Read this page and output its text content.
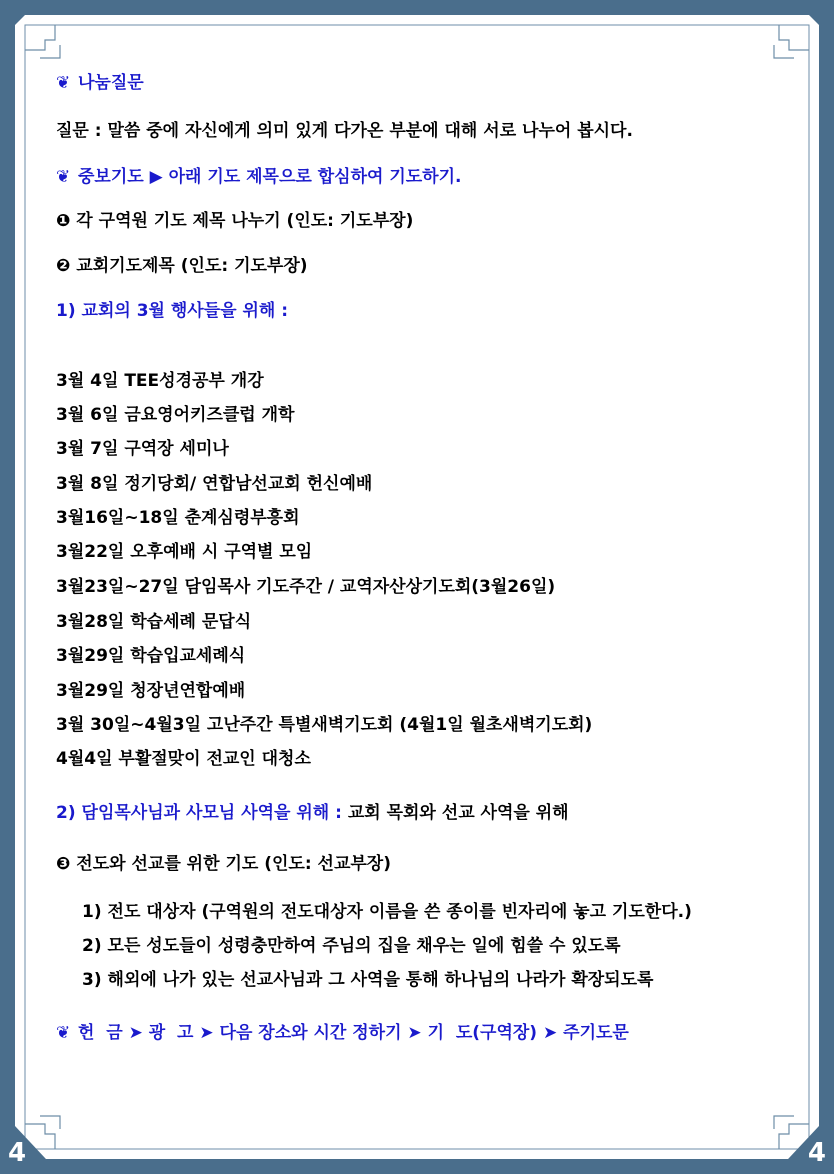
❦ 나눔질문
질문 : 말씀 중에 자신에게 의미 있게 다가온 부분에 대해 서로 나누어 봅시다.
❦ 중보기도 ▶ 아래 기도 제목으로 합심하여 기도하기.
❶ 각 구역원 기도 제목 나누기 (인도: 기도부장)
❷ 교회기도제목 (인도: 기도부장)
1) 교회의 3월 행사들을 위해 :
3월 4일 TEE성경공부 개강
3월 6일 금요영어키즈클럽 개학
3월 7일 구역장 세미나
3월 8일 정기당회/ 연합남선교회 헌신예배
3월16일~18일 춘계심령부흥회
3월22일 오후예배 시 구역별 모임
3월23일~27일 담임목사 기도주간 / 교역자산상기도회(3월26일)
3월28일 학습세례 문답식
3월29일 학습입교세례식
3월29일 청장년연합예배
3월 30일~4월3일 고난주간 특별새벽기도회 (4월1일 월초새벽기도회)
4월4일 부활절맞이 전교인 대청소
2) 담임목사님과 사모님 사역을 위해 : 교회 목회와 선교 사역을 위해
❸ 전도와 선교를 위한 기도 (인도: 선교부장)
1) 전도 대상자 (구역원의 전도대상자 이름을 쓴 종이를 빈자리에 놓고 기도한다.)
2) 모든 성도들이 성령충만하여 주님의 집을 채우는 일에 힘쓸 수 있도록
3) 해외에 나가 있는 선교사님과 그 사역을 통해 하나님의 나라가 확장되도록
❦ 헌  금 ➤ 광  고 ➤ 다음 장소와 시간 정하기 ➤ 기  도(구역장) ➤ 주기도문
4	4
